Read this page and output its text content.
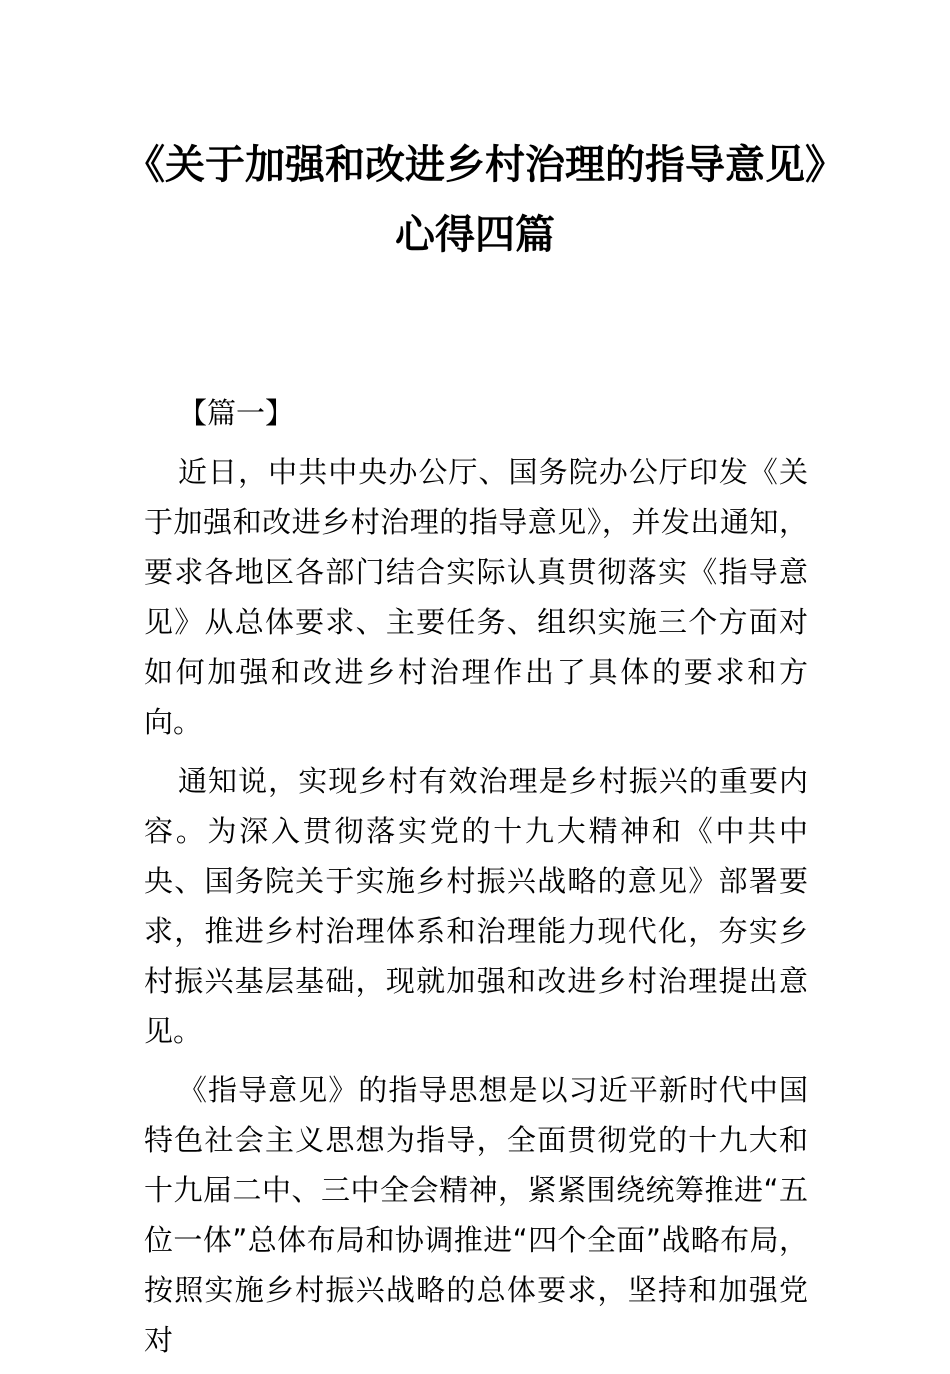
《关于加强和改进乡村治理的指导意见》心得四篇

【篇一】

近日，中共中央办公厅、国务院办公厅印发《关于加强和改进乡村治理的指导意见》，并发出通知，要求各地区各部门结合实际认真贯彻落实《指导意见》从总体要求、主要任务、组织实施三个方面对如何加强和改进乡村治理作出了具体的要求和方向。

通知说，实现乡村有效治理是乡村振兴的重要内容。为深入贯彻落实党的十九大精神和《中共中央、国务院关于实施乡村振兴战略的意见》部署要求，推进乡村治理体系和治理能力现代化，夯实乡村振兴基层基础，现就加强和改进乡村治理提出意见。

《指导意见》的指导思想是以习近平新时代中国特色社会主义思想为指导，全面贯彻党的十九大和十九届二中、三中全会精神，紧紧围绕统筹推进“五位一体”总体布局和协调推进“四个全面”战略布局，按照实施乡村振兴战略的总体要求，坚持和加强党对
